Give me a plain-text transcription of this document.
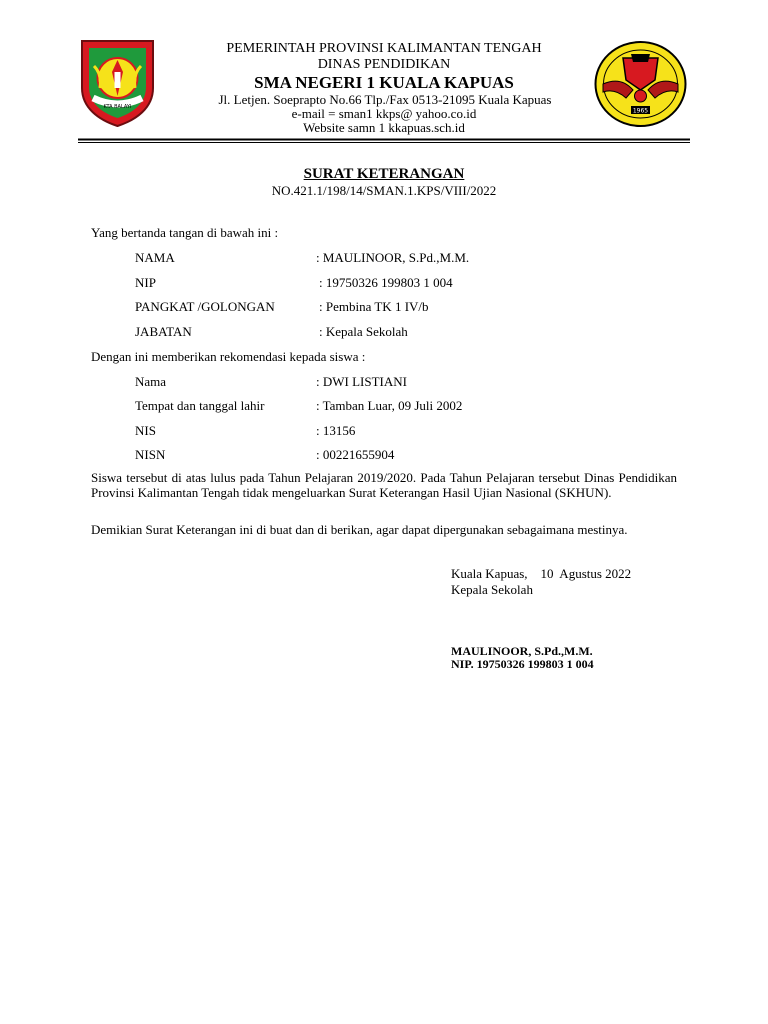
KTA BALAYI
1965
PEMERINTAH PROVINSI KALIMANTAN TENGAH
DINAS PENDIDIKAN
SMA NEGERI 1 KUALA KAPUAS
Jl. Letjen. Soeprapto No.66 Tlp./Fax 0513-21095 Kuala Kapuas
e-mail = sman1 kkps@ yahoo.co.id
Website samn 1 kkapuas.sch.id
SURAT KETERANGAN
NO.421.1/198/14/SMAN.1.KPS/VIII/2022
Yang bertanda tangan di bawah ini :
NAMA	: MAULINOOR, S.Pd.,M.M.
NIP	: 19750326 199803 1 004
PANGKAT /GOLONGAN	: Pembina TK 1 IV/b
JABATAN	: Kepala Sekolah
Dengan ini memberikan rekomendasi kepada siswa :
Nama	: DWI LISTIANI
Tempat dan tanggal lahir	: Tamban Luar, 09 Juli 2002
NIS	: 13156
NISN	: 00221655904
Siswa tersebut di atas lulus pada Tahun Pelajaran 2019/2020. Pada Tahun Pelajaran tersebut Dinas Pendidikan Provinsi Kalimantan Tengah tidak mengeluarkan Surat Keterangan Hasil Ujian Nasional (SKHUN).
Demikian Surat Keterangan ini di buat dan di berikan, agar dapat dipergunakan sebagaimana mestinya.
Kuala Kapuas,    10  Agustus 2022
Kepala Sekolah
MAULINOOR, S.Pd.,M.M.
NIP. 19750326 199803 1 004
